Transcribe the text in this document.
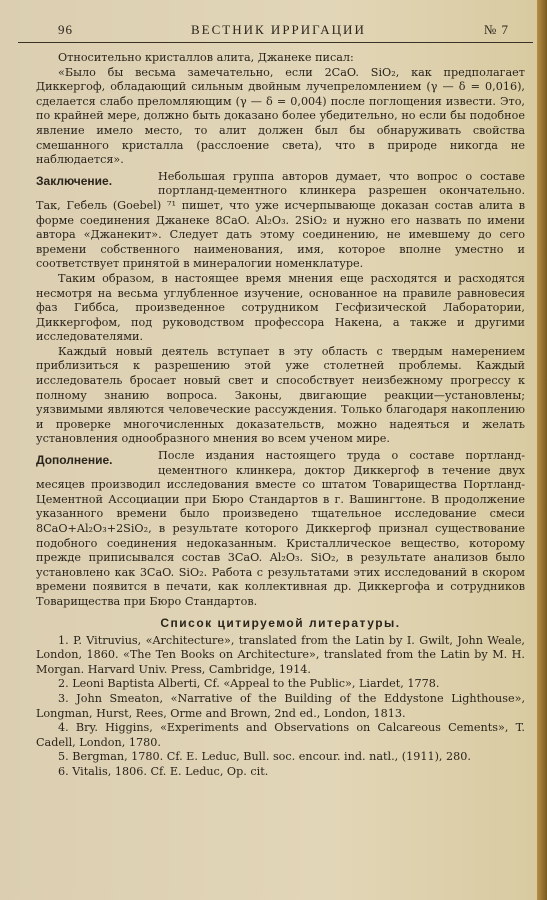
96	ВЕСТНИК ИРРИГАЦИИ	№ 7

Относительно кристаллов алита, Джанеке писал:

«Было бы весьма замечательно, если 2CaO. SiO₂, как предполагает Диккергоф, обладающий сильным двойным лучепреломлением (γ — δ = 0,016), сделается слабо преломляющим (γ — δ = 0,004) после поглощения извести. Это, по крайней мере, должно быть доказано более убедительно, но если бы подобное явление имело место, то алит должен был бы обнаруживать свойства смешанного кристалла (расслоение света), что в природе никогда не наблюдается».

Заключение.	Небольшая группа авторов думает, что вопрос о составе портланд-цементного клинкера разрешен окончательно. Так, Гебель (Goebel) ⁷¹ пишет, что уже исчерпывающе доказан состав алита в форме соединения Джанеке 8CaO. Al₂O₃. 2SiO₂ и нужно его назвать по имени автора «Джанекит». Следует дать этому соединению, не имевшему до сего времени собственного наименования, имя, которое вполне уместно и соответствует принятой в минералогии номенклатуре.

Таким образом, в настоящее время мнения еще расходятся и расходятся несмотря на весьма углубленное изучение, основанное на правиле равновесия фаз Гиббса, произведенное сотрудником Гесфизической Лаборатории, Диккергофом, под руководством профессора Накена, а также и другими исследователями.

Каждый новый деятель вступает в эту область с твердым намерением приблизиться к разрешению этой уже столетней проблемы. Каждый исследователь бросает новый свет и способствует неизбежному прогрессу к полному знанию вопроса. Законы, двигающие реакции—установлены; уязвимыми являются человеческие рассуждения. Только благодаря накоплению и проверке многочисленных доказательств, можно надеяться и желать установления однообразного мнения во всем ученом мире.

Дополнение.	После издания настоящего труда о составе портланд-цементного клинкера, доктор Диккергоф в течение двух месяцев производил исследования вместе со штатом Товарищества Портланд-Цементной Ассоциации при Бюро Стандартов в г. Вашингтоне. В продолжение указанного времени было произведено тщательное исследование смеси 8CaO+Al₂O₃+2SiO₂, в результате которого Диккергоф признал существование подобного соединения недоказанным. Кристаллическое вещество, которому прежде приписывался состав 3CaO. Al₂O₃. SiO₂, в результате анализов было установлено как 3CaO. SiO₂. Работа с результатами этих исследований в скором времени появится в печати, как коллективная др. Диккергофа и сотрудников Товарищества при Бюро Стандартов.

Список цитируемой литературы.

1. P. Vitruvius, «Architecture», translated from the Latin by I. Gwilt, John Weale, London, 1860. «The Ten Books on Architecture», translated from the Latin by M. H. Morgan. Harvard Univ. Press, Cambridge, 1914.

2. Leoni Baptista Alberti, Cf. «Appeal to the Public», Liardet, 1778.

3. John Smeaton, «Narrative of the Building of the Eddystone Lighthouse», Longman, Hurst, Rees, Orme and Brown, 2nd ed., London, 1813.

4. Bry. Higgins, «Experiments and Observations on Calcareous Cements», T. Cadell, London, 1780.

5. Bergman, 1780. Cf. E. Leduc, Bull. soc. encour. ind. natl., (1911), 280.

6. Vitalis, 1806. Cf. E. Leduc, Op. cit.
